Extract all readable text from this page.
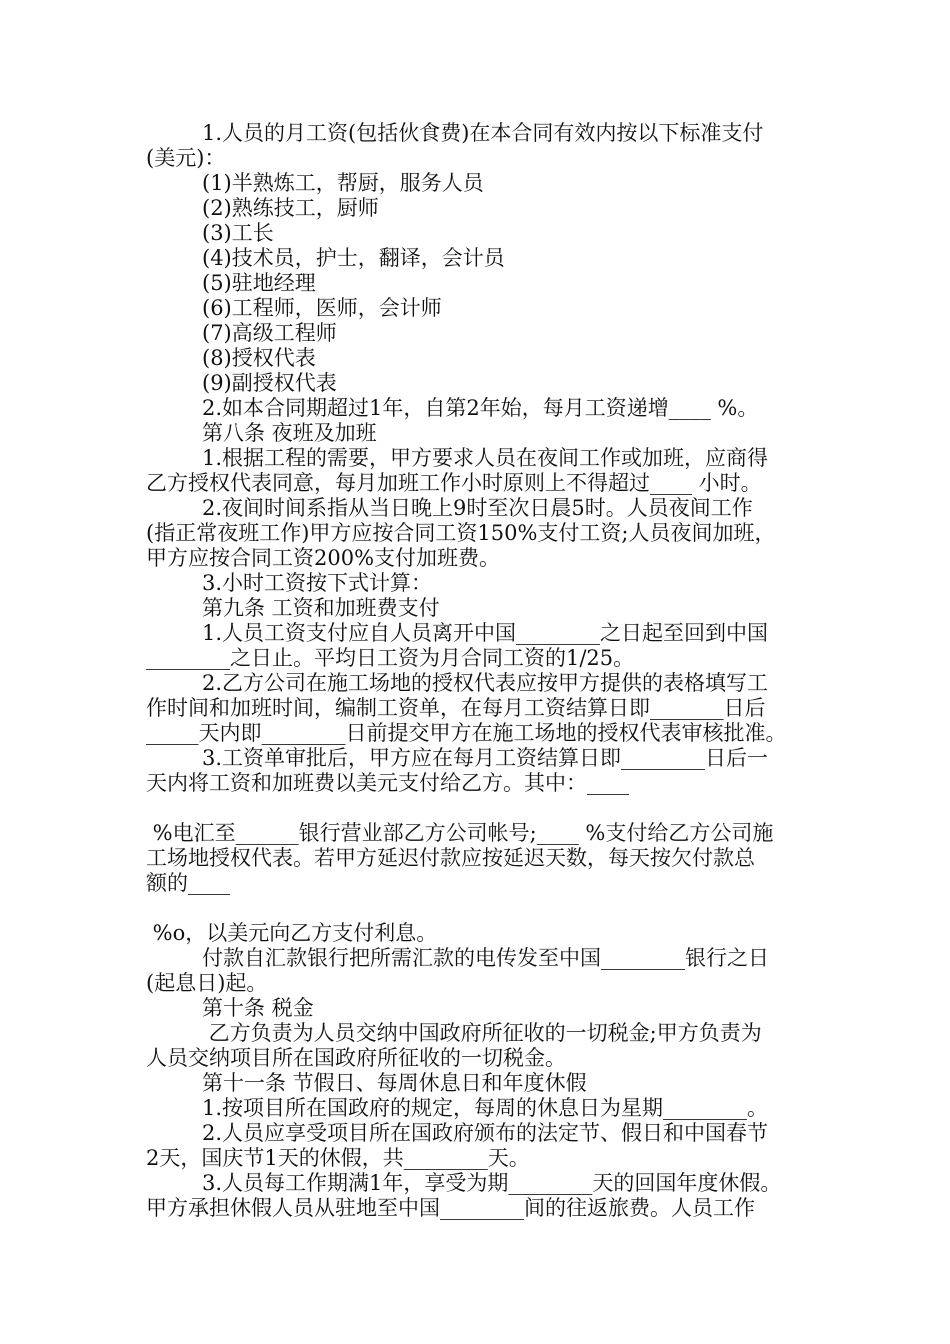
1.人员的月工资(包括伙食费)在本合同有效内按以下标准支付

(美元)：

(1)半熟炼工，帮厨，服务人员

(2)熟练技工，厨师

(3)工长

(4)技术员，护士，翻译，会计员

(5)驻地经理

(6)工程师，医师，会计师

(7)高级工程师

(8)授权代表

(9)副授权代表

2.如本合同期超过1年，自第2年始，每月工资递增____ %。

第八条 夜班及加班

1.根据工程的需要，甲方要求人员在夜间工作或加班，应商得

乙方授权代表同意，每月加班工作小时原则上不得超过____ 小时。

2.夜间时间系指从当日晚上9时至次日晨5时。人员夜间工作

(指正常夜班工作)甲方应按合同工资150%支付工资;人员夜间加班，

甲方应按合同工资200%支付加班费。

3.小时工资按下式计算：

第九条 工资和加班费支付

1.人员工资支付应自人员离开中国________之日起至回到中国

________之日止。平均日工资为月合同工资的1/25。

2.乙方公司在施工场地的授权代表应按甲方提供的表格填写工

作时间和加班时间，编制工资单，在每月工资结算日即_______日后

_____天内即________日前提交甲方在施工场地的授权代表审核批准。

3.工资单审批后，甲方应在每月工资结算日即________日后一

天内将工资和加班费以美元支付给乙方。其中：____

%电汇至______银行营业部乙方公司帐号;____ %支付给乙方公司施

工场地授权代表。若甲方延迟付款应按延迟天数，每天按欠付款总

额的____

%o，以美元向乙方支付利息。

付款自汇款银行把所需汇款的电传发至中国________银行之日

(起息日)起。

第十条 税金

乙方负责为人员交纳中国政府所征收的一切税金;甲方负责为

人员交纳项目所在国政府所征收的一切税金。

第十一条 节假日、每周休息日和年度休假

1.按项目所在国政府的规定，每周的休息日为星期________。

2.人员应享受项目所在国政府颁布的法定节、假日和中国春节

2天，国庆节1天的休假，共________天。

3.人员每工作期满1年，享受为期________天的回国年度休假。

甲方承担休假人员从驻地至中国________间的往返旅费。人员工作
